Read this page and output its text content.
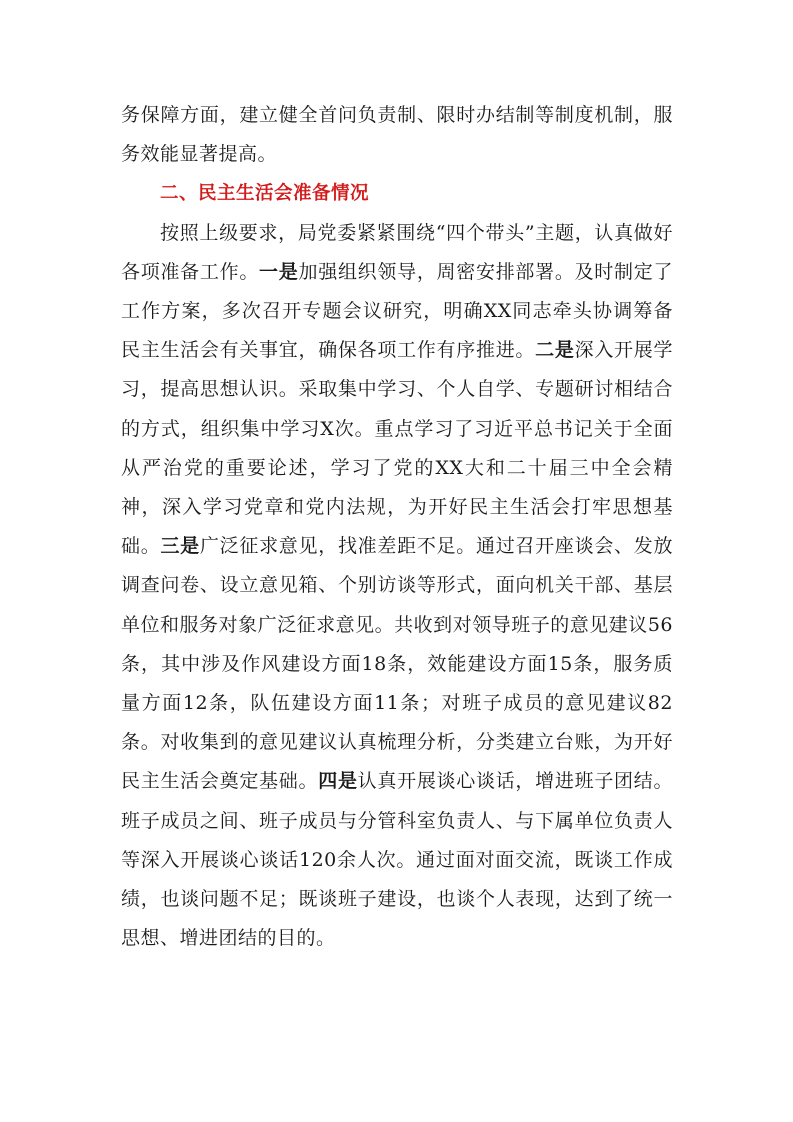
务保障方面，建立健全首问负责制、限时办结制等制度机制，服务效能显著提高。

二、民主生活会准备情况

按照上级要求，局党委紧紧围绕“四个带头”主题，认真做好各项准备工作。一是加强组织领导，周密安排部署。及时制定了工作方案，多次召开专题会议研究，明确XX同志牵头协调筹备民主生活会有关事宜，确保各项工作有序推进。二是深入开展学习，提高思想认识。采取集中学习、个人自学、专题研讨相结合的方式，组织集中学习X次。重点学习了习近平总书记关于全面从严治党的重要论述，学习了党的XX大和二十届三中全会精神，深入学习党章和党内法规，为开好民主生活会打牢思想基础。三是广泛征求意见，找准差距不足。通过召开座谈会、发放调查问卷、设立意见箱、个别访谈等形式，面向机关干部、基层单位和服务对象广泛征求意见。共收到对领导班子的意见建议56条，其中涉及作风建设方面18条，效能建设方面15条，服务质量方面12条，队伍建设方面11条；对班子成员的意见建议82条。对收集到的意见建议认真梳理分析，分类建立台账，为开好民主生活会奠定基础。四是认真开展谈心谈话，增进班子团结。班子成员之间、班子成员与分管科室负责人、与下属单位负责人等深入开展谈心谈话120余人次。通过面对面交流，既谈工作成绩，也谈问题不足；既谈班子建设，也谈个人表现，达到了统一思想、增进团结的目的。
